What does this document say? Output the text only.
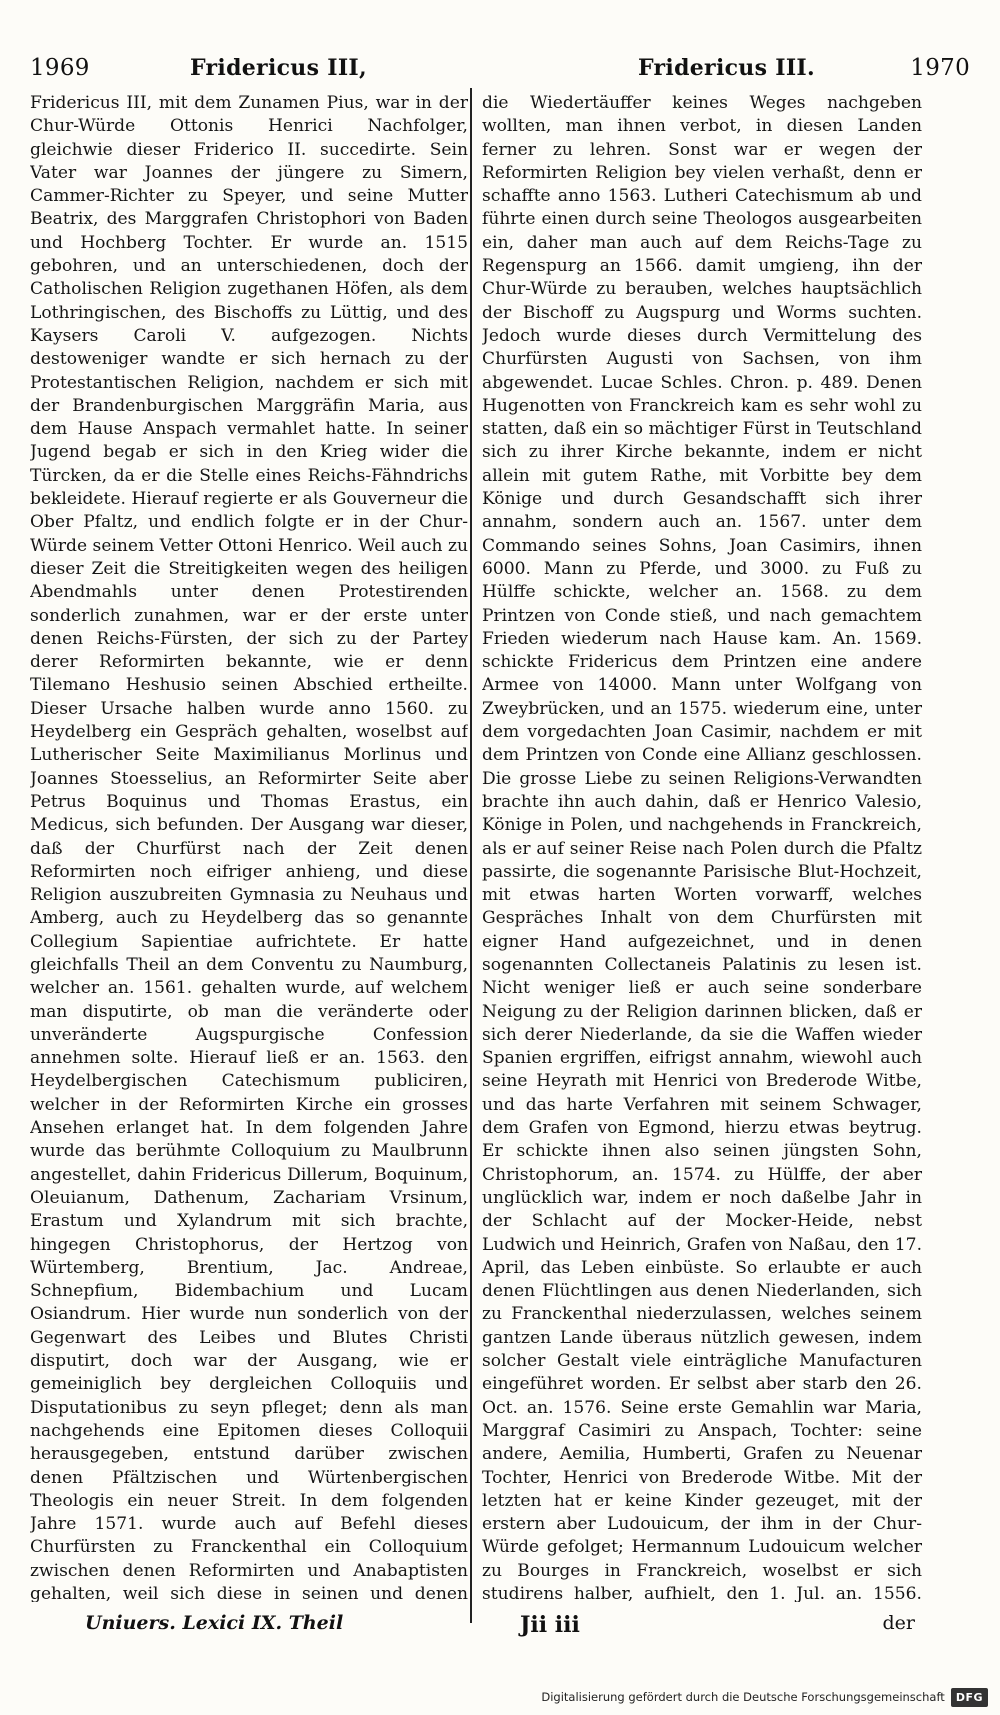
1969	Fridericus III,	Fridericus III.	1970

Fridericus III, mit dem Zunamen Pius, war in der Chur-Würde Ottonis Henrici Nachfolger, gleichwie dieser Friderico II. succedirte. Sein Vater war Joannes der jüngere zu Simern, Cammer-Richter zu Speyer, und seine Mutter Beatrix, des Marggrafen Christophori von Baden und Hochberg Tochter. Er wurde an. 1515 gebohren, und an unterschiedenen, doch der Catholischen Religion zugethanen Höfen, als dem Lothringischen, des Bischoffs zu Lüttig, und des Kaysers Caroli V. aufgezogen. Nichts destoweniger wandte er sich hernach zu der Protestantischen Religion, nachdem er sich mit der Brandenburgischen Marggräfin Maria, aus dem Hause Anspach vermahlet hatte. In seiner Jugend begab er sich in den Krieg wider die Türcken, da er die Stelle eines Reichs-Fähndrichs bekleidete. Hierauf regierte er als Gouverneur die Ober Pfaltz, und endlich folgte er in der Chur-Würde seinem Vetter Ottoni Henrico. Weil auch zu dieser Zeit die Streitigkeiten wegen des heiligen Abendmahls unter denen Protestirenden sonderlich zunahmen, war er der erste unter denen Reichs-Fürsten, der sich zu der Partey derer Reformirten bekannte, wie er denn Tilemano Heshusio seinen Abschied ertheilte. Dieser Ursache halben wurde anno 1560. zu Heydelberg ein Gespräch gehalten, woselbst auf Lutherischer Seite Maximilianus Morlinus und Joannes Stoesselius, an Reformirter Seite aber Petrus Boquinus und Thomas Erastus, ein Medicus, sich befunden. Der Ausgang war dieser, daß der Churfürst nach der Zeit denen Reformirten noch eifriger anhieng, und diese Religion auszubreiten Gymnasia zu Neuhaus und Amberg, auch zu Heydelberg das so genannte Collegium Sapientiae aufrichtete. Er hatte gleichfalls Theil an dem Conventu zu Naumburg, welcher an. 1561. gehalten wurde, auf welchem man disputirte, ob man die veränderte oder unveränderte Augspurgische Confession annehmen solte. Hierauf ließ er an. 1563. den Heydelbergischen Catechismum publiciren, welcher in der Reformirten Kirche ein grosses Ansehen erlanget hat. In dem folgenden Jahre wurde das berühmte Colloquium zu Maulbrunn angestellet, dahin Fridericus Dillerum, Boquinum, Oleuianum, Dathenum, Zachariam Vrsinum, Erastum und Xylandrum mit sich brachte, hingegen Christophorus, der Hertzog von Würtemberg, Brentium, Jac. Andreae, Schnepfium, Bidembachium und Lucam Osiandrum. Hier wurde nun sonderlich von der Gegenwart des Leibes und Blutes Christi disputirt, doch war der Ausgang, wie er gemeiniglich bey dergleichen Colloquiis und Disputationibus zu seyn pfleget; denn als man nachgehends eine Epitomen dieses Colloquii herausgegeben, entstund darüber zwischen denen Pfältzischen und Würtenbergischen Theologis ein neuer Streit. In dem folgenden Jahre 1571. wurde auch auf Befehl dieses Churfürsten zu Franckenthal ein Colloquium zwischen denen Reformirten und Anabaptisten gehalten, weil sich diese in seinen und denen

die Wiedertäuffer keines Weges nachgeben wollten, man ihnen verbot, in diesen Landen ferner zu lehren. Sonst war er wegen der Reformirten Religion bey vielen verhaßt, denn er schaffte anno 1563. Lutheri Catechismum ab und führte einen durch seine Theologos ausgearbeiten ein, daher man auch auf dem Reichs-Tage zu Regenspurg an 1566. damit umgieng, ihn der Chur-Würde zu berauben, welches hauptsächlich der Bischoff zu Augspurg und Worms suchten. Jedoch wurde dieses durch Vermittelung des Churfürsten Augusti von Sachsen, von ihm abgewendet. Lucae Schles. Chron. p. 489. Denen Hugenotten von Franckreich kam es sehr wohl zu statten, daß ein so mächtiger Fürst in Teutschland sich zu ihrer Kirche bekannte, indem er nicht allein mit gutem Rathe, mit Vorbitte bey dem Könige und durch Gesandschafft sich ihrer annahm, sondern auch an. 1567. unter dem Commando seines Sohns, Joan Casimirs, ihnen 6000. Mann zu Pferde, und 3000. zu Fuß zu Hülffe schickte, welcher an. 1568. zu dem Printzen von Conde stieß, und nach gemachtem Frieden wiederum nach Hause kam. An. 1569. schickte Fridericus dem Printzen eine andere Armee von 14000. Mann unter Wolfgang von Zweybrücken, und an 1575. wiederum eine, unter dem vorgedachten Joan Casimir, nachdem er mit dem Printzen von Conde eine Allianz geschlossen. Die grosse Liebe zu seinen Religions-Verwandten brachte ihn auch dahin, daß er Henrico Valesio, Könige in Polen, und nachgehends in Franckreich, als er auf seiner Reise nach Polen durch die Pfaltz passirte, die sogenannte Parisische Blut-Hochzeit, mit etwas harten Worten vorwarff, welches Gespräches Inhalt von dem Churfürsten mit eigner Hand aufgezeichnet, und in denen sogenannten Collectaneis Palatinis zu lesen ist. Nicht weniger ließ er auch seine sonderbare Neigung zu der Religion darinnen blicken, daß er sich derer Niederlande, da sie die Waffen wieder Spanien ergriffen, eifrigst annahm, wiewohl auch seine Heyrath mit Henrici von Brederode Witbe, und das harte Verfahren mit seinem Schwager, dem Grafen von Egmond, hierzu etwas beytrug. Er schickte ihnen also seinen jüngsten Sohn, Christophorum, an. 1574. zu Hülffe, der aber unglücklich war, indem er noch daßelbe Jahr in der Schlacht auf der Mocker-Heide, nebst Ludwich und Heinrich, Grafen von Naßau, den 17. April, das Leben einbüste. So erlaubte er auch denen Flüchtlingen aus denen Niederlanden, sich zu Franckenthal niederzulassen, welches seinem gantzen Lande überaus nützlich gewesen, indem solcher Gestalt viele einträgliche Manufacturen eingeführet worden. Er selbst aber starb den 26. Oct. an. 1576. Seine erste Gemahlin war Maria, Marggraf Casimiri zu Anspach, Tochter: seine andere, Aemilia, Humberti, Grafen zu Neuenar Tochter, Henrici von Brederode Witbe. Mit der letzten hat er keine Kinder gezeuget, mit der erstern aber Ludouicum, der ihm in der Chur-Würde gefolget; Hermannum Ludouicum welcher zu Bourges in Franckreich, woselbst er sich studirens halber, aufhielt, den 1. Jul. an. 1556.

Uniuers. Lexici IX. Theil	Jii iii	der
Digitalisierung gefördert durch die Deutsche Forschungsgemeinschaft	DFG
